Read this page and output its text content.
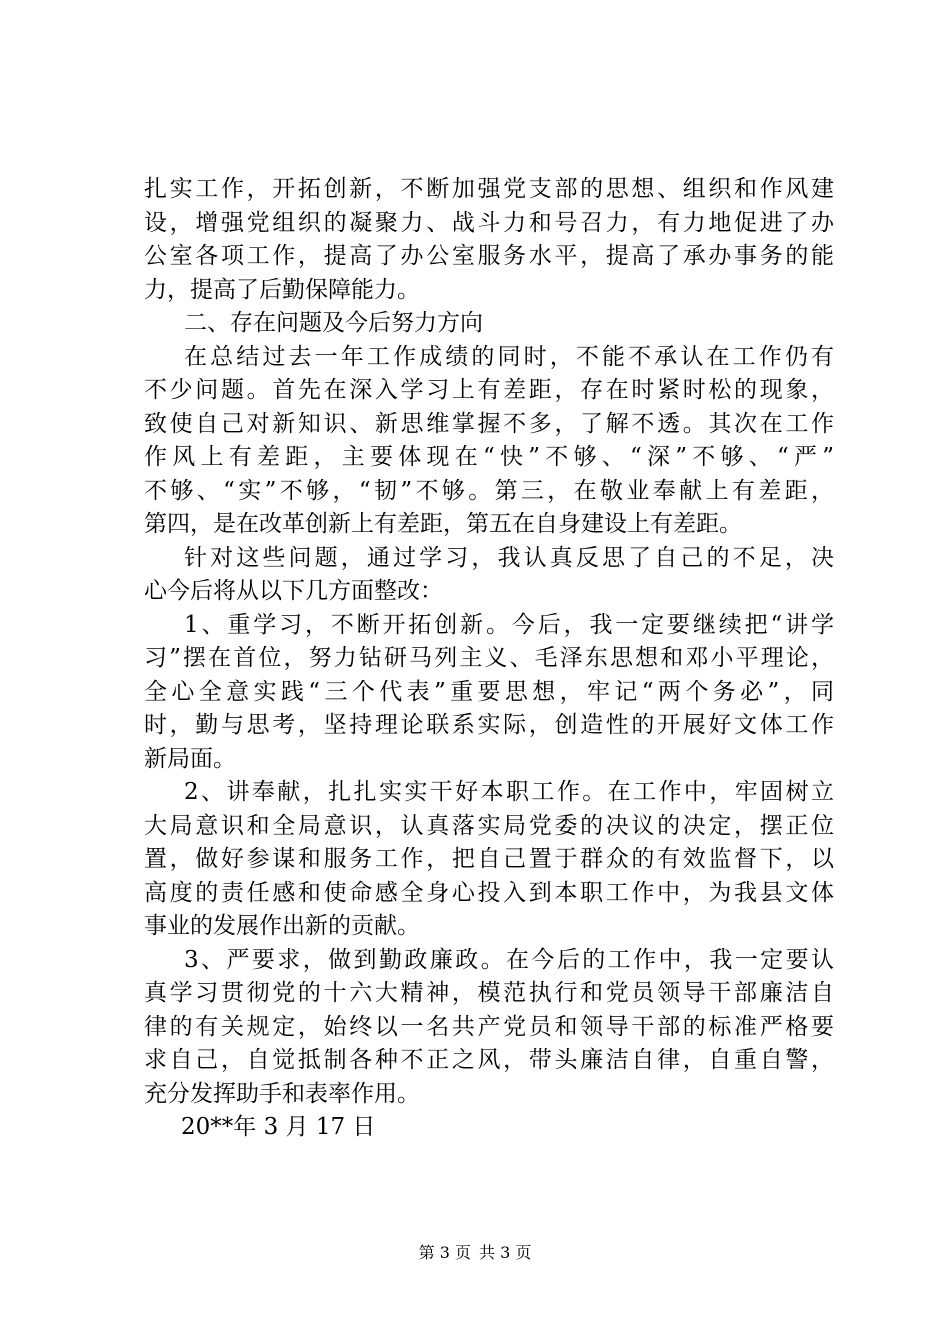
扎实工作，开拓创新，不断加强党支部的思想、组织和作风建
设，增强党组织的凝聚力、战斗力和号召力，有力地促进了办
公室各项工作，提高了办公室服务水平，提高了承办事务的能
力，提高了后勤保障能力。
二、存在问题及今后努力方向
在总结过去一年工作成绩的同时，不能不承认在工作仍有
不少问题。首先在深入学习上有差距，存在时紧时松的现象，
致使自己对新知识、新思维掌握不多，了解不透。其次在工作
作风上有差距，主要体现在“快”不够、“深”不够、“严”
不够、“实”不够，“韧”不够。第三，在敬业奉献上有差距，
第四，是在改革创新上有差距，第五在自身建设上有差距。
针对这些问题，通过学习，我认真反思了自己的不足，决
心今后将从以下几方面整改：
1、重学习，不断开拓创新。今后，我一定要继续把“讲学
习”摆在首位，努力钻研马列主义、毛泽东思想和邓小平理论，
全心全意实践“三个代表”重要思想，牢记“两个务必”，同
时，勤与思考，坚持理论联系实际，创造性的开展好文体工作
新局面。
2、讲奉献，扎扎实实干好本职工作。在工作中，牢固树立
大局意识和全局意识，认真落实局党委的决议的决定，摆正位
置，做好参谋和服务工作，把自己置于群众的有效监督下，以
高度的责任感和使命感全身心投入到本职工作中，为我县文体
事业的发展作出新的贡献。
3、严要求，做到勤政廉政。在今后的工作中，我一定要认
真学习贯彻党的十六大精神，模范执行和党员领导干部廉洁自
律的有关规定，始终以一名共产党员和领导干部的标准严格要
求自己，自觉抵制各种不正之风，带头廉洁自律，自重自警，
充分发挥助手和表率作用。
20**年 3 月 17 日
第 3 页 共 3 页
